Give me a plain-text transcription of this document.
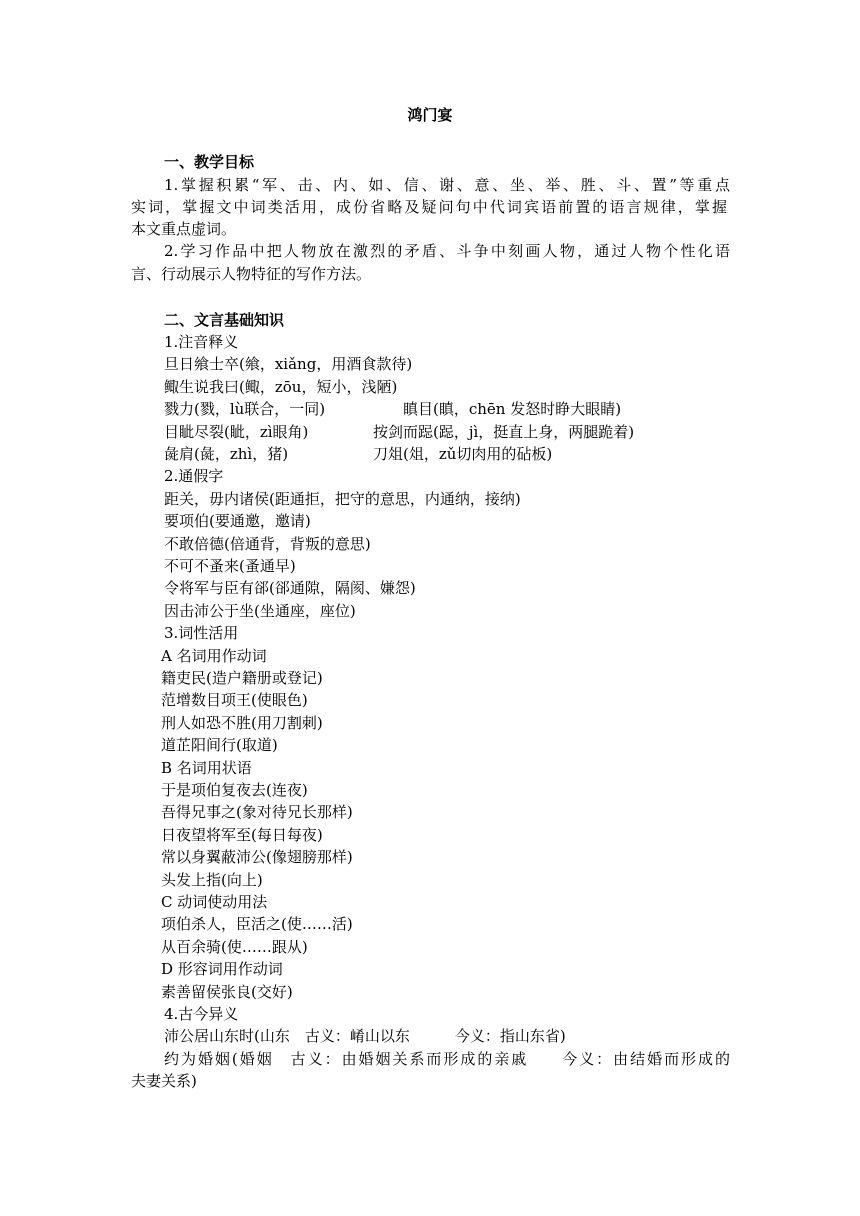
鸿门宴
一、教学目标
1.掌握积累“军、击、内、如、信、谢、意、坐、举、胜、斗、置”等重点
实词，掌握文中词类活用，成份省略及疑问句中代词宾语前置的语言规律，掌握
本文重点虚词。
2.学习作品中把人物放在激烈的矛盾、斗争中刻画人物，通过人物个性化语
言、行动展示人物特征的写作方法。
二、文言基础知识
1.注音释义
旦日飨士卒(飨，xiǎng，用酒食款待)
鲰生说我曰(鲰，zōu，短小，浅陋)
戮力(戮，lù联合，一同)	瞋目(瞋，chēn 发怒时睁大眼睛)
目眦尽裂(眦，zì眼角)	按剑而跽(跽，jì，挺直上身，两腿跪着)
彘肩(彘，zhì，猪)	刀俎(俎，zǔ切肉用的砧板)
2.通假字
距关，毋内诸侯(距通拒，把守的意思，内通纳，接纳)
要项伯(要通邀，邀请)
不敢倍德(倍通背，背叛的意思)
不可不蚤来(蚤通早)
令将军与臣有郤(郤通隙，隔阂、嫌怨)
因击沛公于坐(坐通座，座位)
3.词性活用
A 名词用作动词
籍吏民(造户籍册或登记)
范增数目项王(使眼色)
刑人如恐不胜(用刀割刺)
道芷阳间行(取道)
B 名词用状语
于是项伯复夜去(连夜)
吾得兄事之(象对待兄长那样)
日夜望将军至(每日每夜)
常以身翼蔽沛公(像翅膀那样)
头发上指(向上)
C 动词使动用法
项伯杀人，臣活之(使……活)
从百余骑(使……跟从)
D 形容词用作动词
素善留侯张良(交好)
4.古今异义
沛公居山东时(山东　古义：崤山以东　　　今义：指山东省)
约为婚姻(婚姻　古义：由婚姻关系而形成的亲戚　　今义：由结婚而形成的
夫妻关系)
